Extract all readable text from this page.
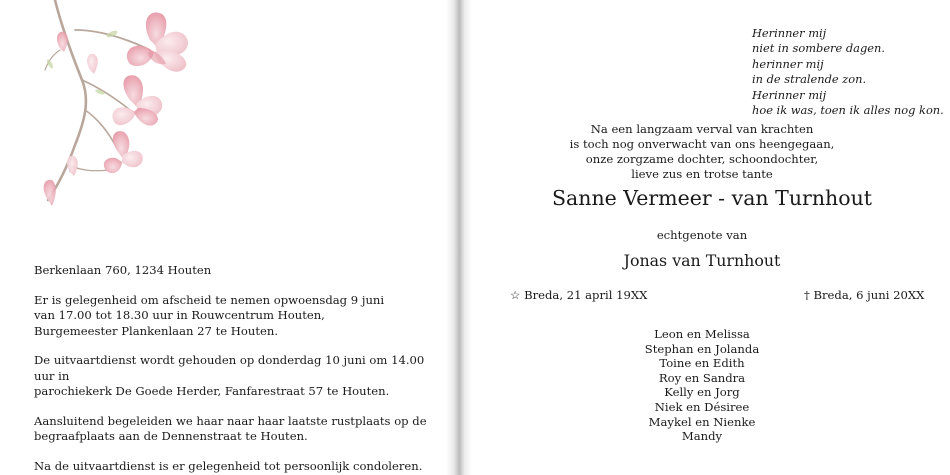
Berkenlaan 760, 1234 Houten

Er is gelegenheid om afscheid te nemen opwoensdag 9 juni
van 17.00 tot 18.30 uur in Rouwcentrum Houten,
Burgemeester Plankenlaan 27 te Houten.

De uitvaartdienst wordt gehouden op donderdag 10 juni om 14.00 uur in
parochiekerk De Goede Herder, Fanfarestraat 57 te Houten.

Aansluitend begeleiden we haar naar haar laatste rustplaats op de
begraafplaats aan de Dennenstraat te Houten.

Na de uitvaartdienst is er gelegenheid tot persoonlijk condoleren.

Herinner mij
niet in sombere dagen.
herinner mij
in de stralende zon.
Herinner mij
hoe ik was, toen ik alles nog kon.
Na een langzaam verval van krachten
is toch nog onverwacht van ons heengegaan,
onze zorgzame dochter, schoondochter,
lieve zus en trotse tante
Sanne Vermeer - van Turnhout
echtgenote van
Jonas van Turnhout
☆ Breda, 21 april 19XX	† Breda, 6 juni 20XX
Leon en Melissa
Stephan en Jolanda
Toine en Edith
Roy en Sandra
Kelly en Jorg
Niek en Désiree
Maykel en Nienke
Mandy
